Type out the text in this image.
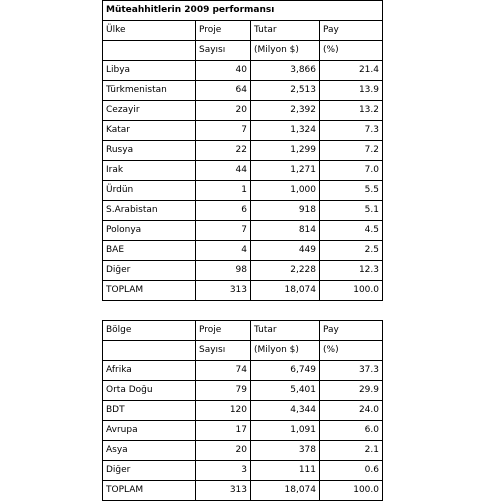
Müteahhitlerin 2009 performansı			
Ülke	Proje	Tutar	Pay
	Sayısı	(Milyon $)	(%)
Libya	40	3,866	21.4
Türkmenistan	64	2,513	13.9
Cezayir	20	2,392	13.2
Katar	7	1,324	7.3
Rusya	22	1,299	7.2
Irak	44	1,271	7.0
Ürdün	1	1,000	5.5
S.Arabistan	6	918	5.1
Polonya	7	814	4.5
BAE	4	449	2.5
Diğer	98	2,228	12.3
TOPLAM	313	18,074	100.0

Bölge	Proje	Tutar	Pay
	Sayısı	(Milyon $)	(%)
Afrika	74	6,749	37.3
Orta Doğu	79	5,401	29.9
BDT	120	4,344	24.0
Avrupa	17	1,091	6.0
Asya	20	378	2.1
Diğer	3	111	0.6
TOPLAM	313	18,074	100.0
